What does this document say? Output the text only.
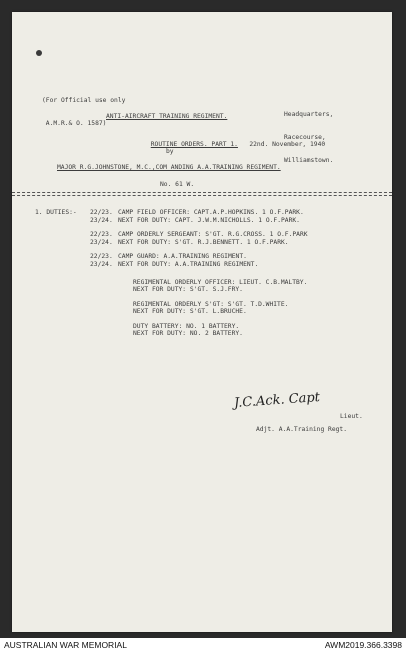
(For Official use only

A.M.R.& O. 1587)

Headquarters,

Racecourse,

Williamstown.

ANTI-AIRCRAFT TRAINING REGIMENT.

ROUTINE ORDERS. PART 1. 22nd. November, 1940

by

MAJOR R.G.JOHNSTONE, M.C.,COM ANDING A.A.TRAINING REGIMENT.

No. 61 W.

1. DUTIES:-

22/23. CAMP FIELD OFFICER: CAPT.A.P.HOPKINS. 1 O.F.PARK.
23/24. NEXT FOR DUTY: CAPT. J.W.M.NICHOLLS. 1 O.F.PARK.
22/23. CAMP ORDERLY SERGEANT: S'GT. R.G.CROSS. 1 O.F.PARK
23/24. NEXT FOR DUTY: S'GT. R.J.BENNETT. 1 O.F.PARK.
22/23. CAMP GUARD: A.A.TRAINING REGIMENT.
23/24. NEXT FOR DUTY: A.A.TRAINING REGIMENT.
REGIMENTAL ORDERLY OFFICER: LIEUT. C.B.MALTBY.
NEXT FOR DUTY: S'GT. S.J.FRY.
REGIMENTAL ORDERLY S'GT: S'GT. T.D.WHITE.
NEXT FOR DUTY: S'GT. L.BRUCHE.
DUTY BATTERY: NO. 1 BATTERY.
NEXT FOR DUTY: NO. 2 BATTERY.

J.C.Ack. Capt

Lieut.

Adjt. A.A.Training Regt.

AUSTRALIAN WAR MEMORIAL	AWM2019.366.3398
